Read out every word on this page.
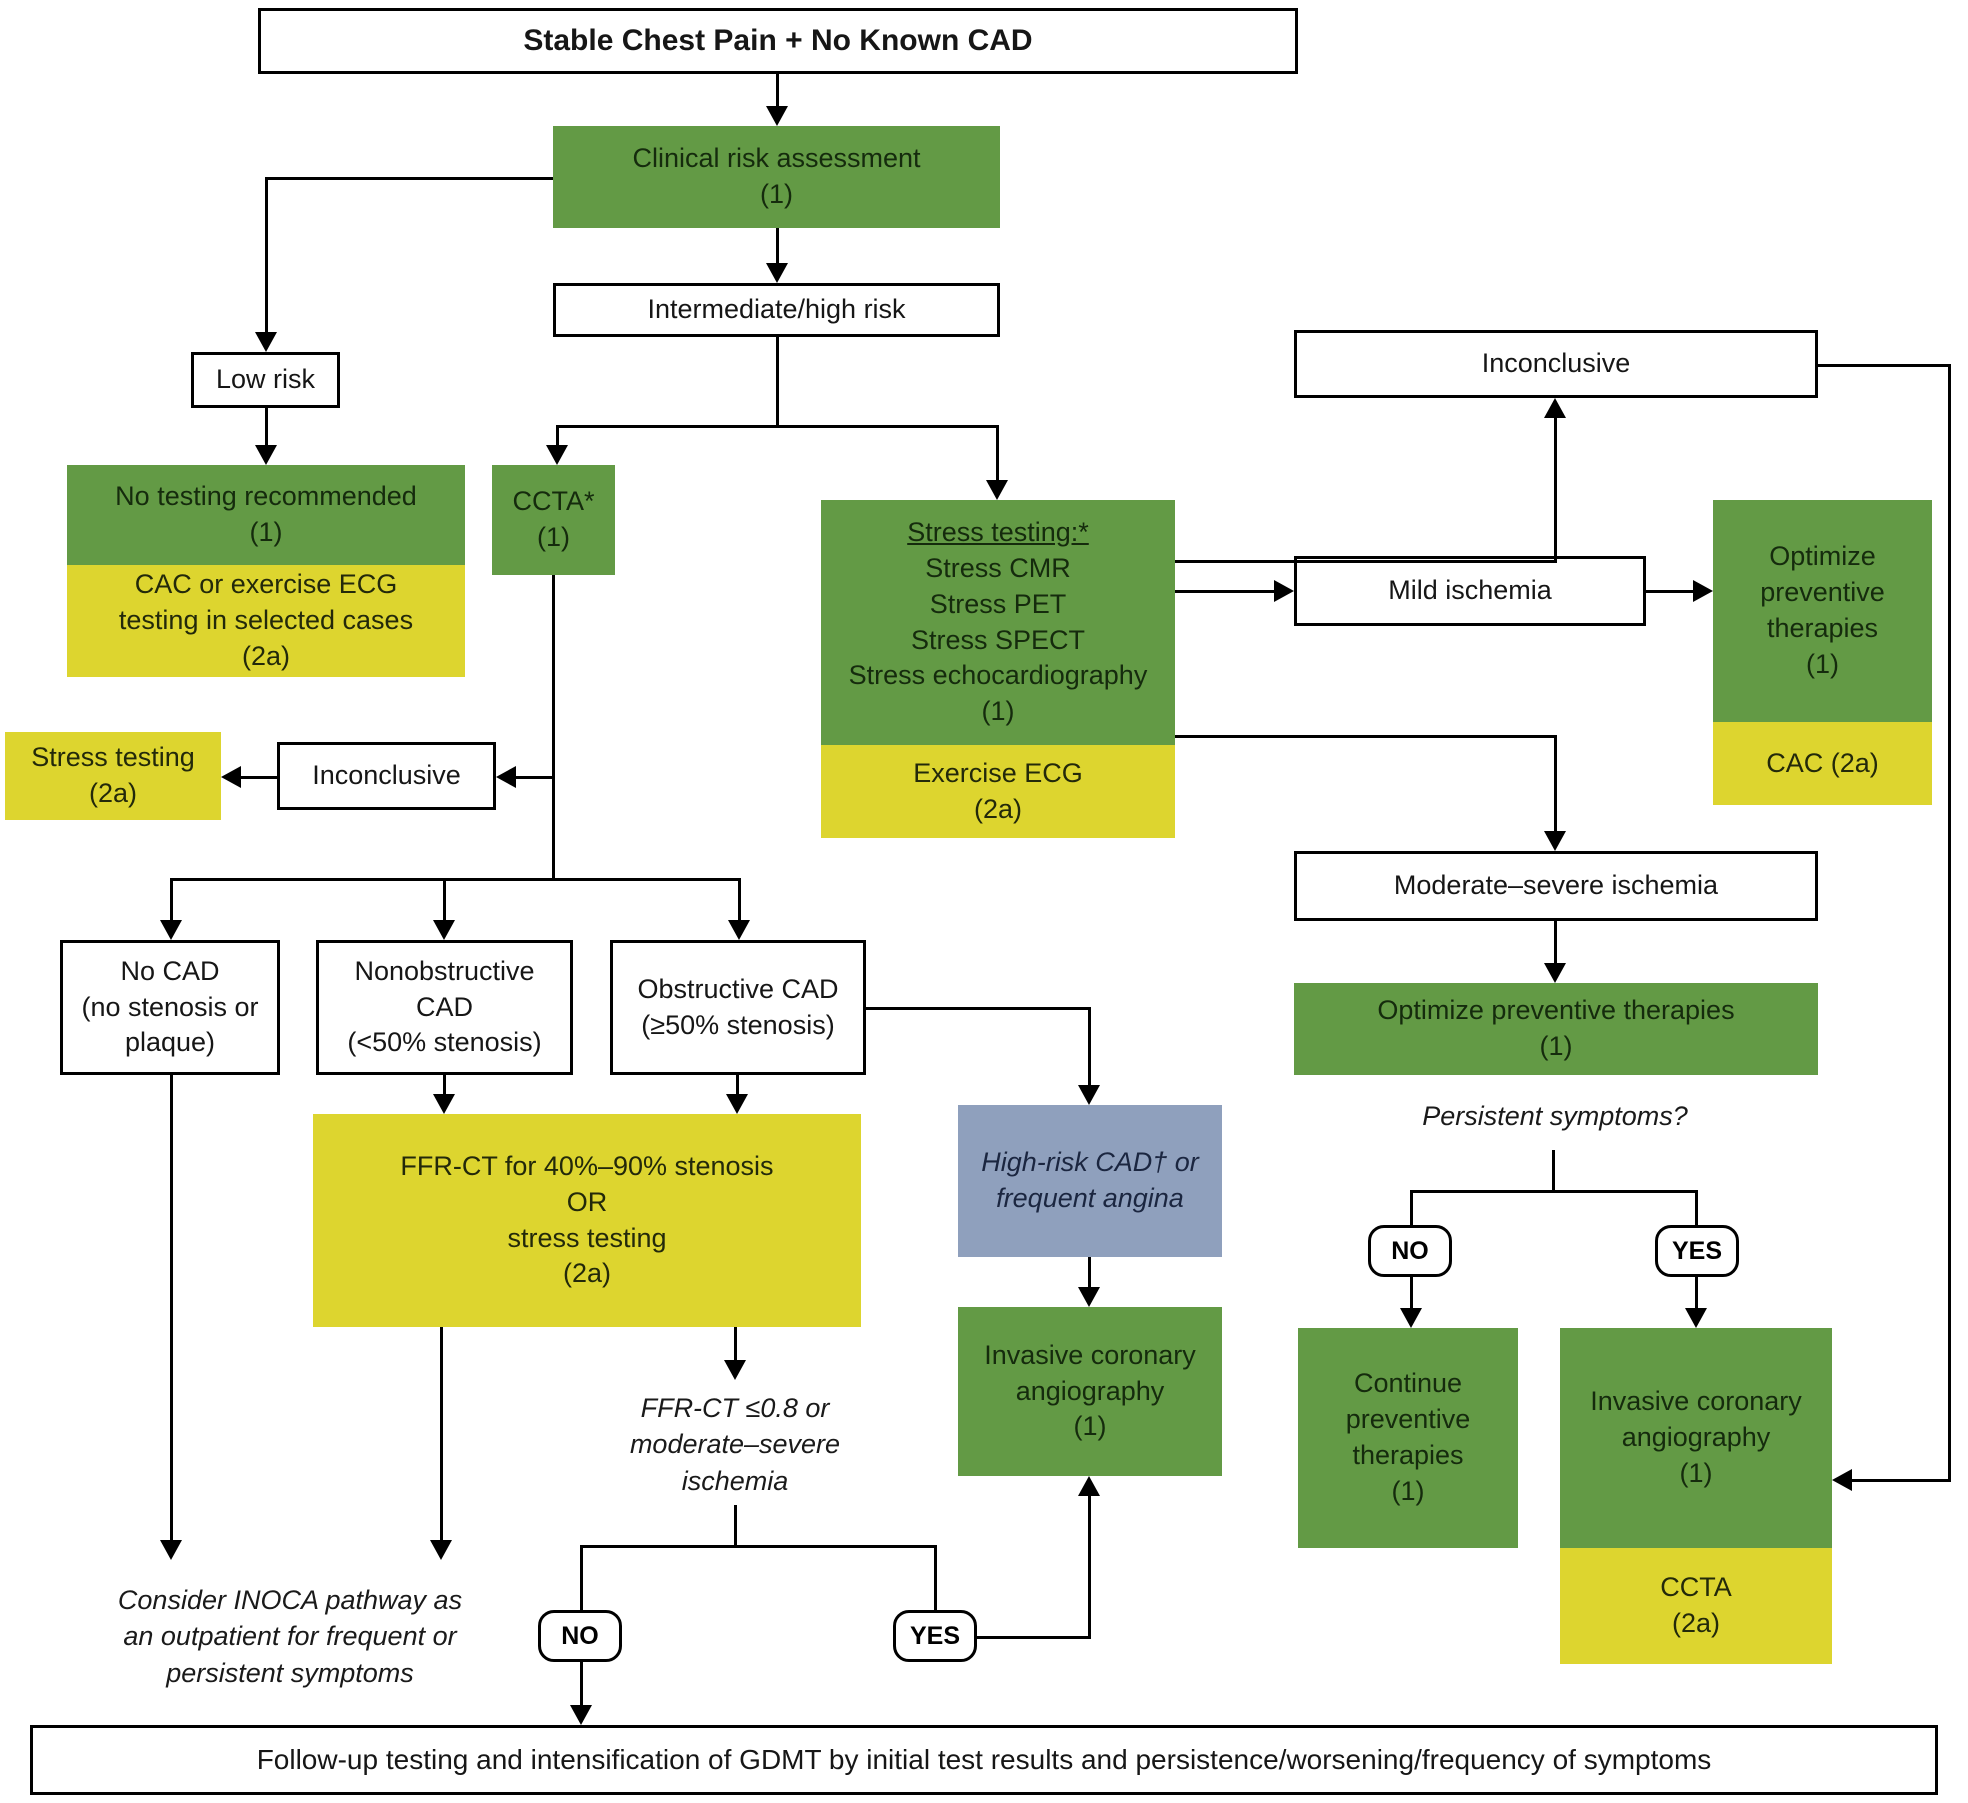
Stable Chest Pain + No Known CAD
Clinical risk assessment
(1)
Intermediate/high risk
Low risk
No testing recommended
(1)
CAC or exercise ECG
testing in selected cases
(2a)
CCTA*
(1)	Stress testing:*
Stress CMR
Stress PET
Stress SPECT
Stress echocardiography
(1)
Exercise ECG
(2a)
Inconclusive
Mild ischemia
Optimize
preventive
therapies
(1)
CAC (2a)
Moderate–severe ischemia
Optimize preventive therapies
(1)
Persistent symptoms?
NO	YES
Continue
preventive
therapies
(1)
Invasive coronary
angiography
(1)
CCTA
(2a)
Stress testing
(2a)
Inconclusive
No CAD
(no stenosis or
plaque)
Nonobstructive
CAD
(<50% stenosis)
Obstructive CAD
(≥50% stenosis)
FFR-CT for 40%–90% stenosis
OR
stress testing
(2a)
High-risk CAD† or
frequent angina
Invasive coronary
angiography
(1)
FFR-CT ≤0.8 or
moderate–severe
ischemia
NO	YES
Consider INOCA pathway as
an outpatient for frequent or
persistent symptoms
Follow-up testing and intensification of GDMT by initial test results and persistence/worsening/frequency of symptoms
